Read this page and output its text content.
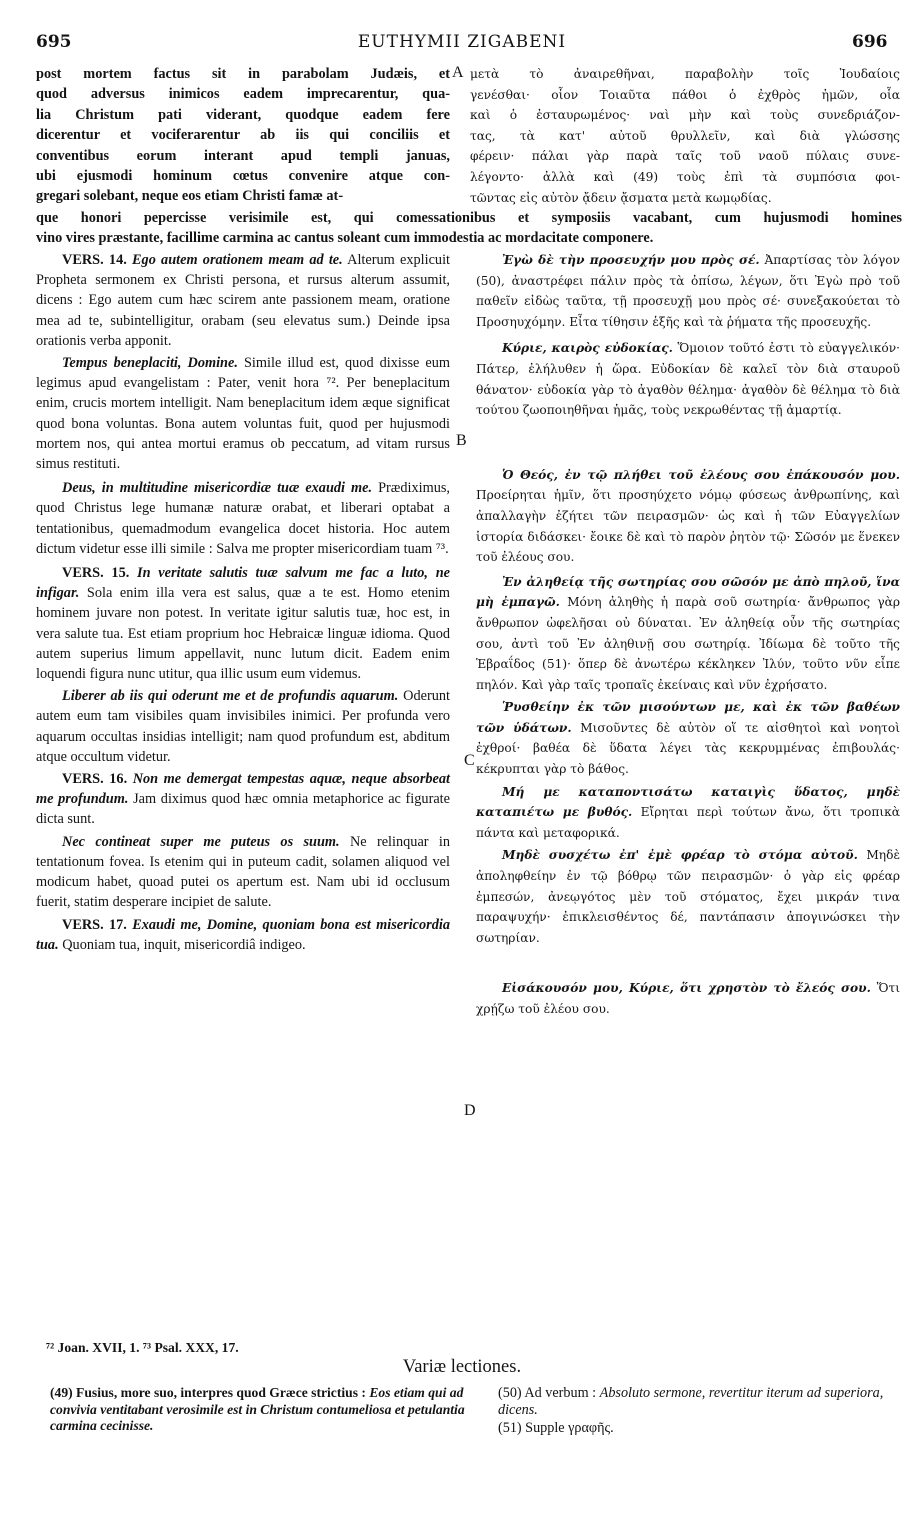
695	EUTHYMII ZIGABENI	696

post mortem factus sit in parabolam Judæis, et

quod adversus inimicos eadem imprecarentur, qua-

lia Christum pati viderant, quodque eadem fere

dicerentur et vociferarentur ab iis qui conciliis et

conventibus eorum interant apud templi januas,

ubi ejusmodi hominum cœtus convenire atque con-

gregari solebant, neque eos etiam Christi famæ at-

A μετὰ τὸ ἀναιρεθῆναι, παραβολὴν τοῖς Ἰουδαίοις

γενέσθαι· οἷον Τοιαῦτα πάθοι ὁ ἐχθρὸς ἡμῶν, οἷα

καὶ ὁ ἐσταυρωμένος· ναὶ μὴν καὶ τοὺς συνεδριάζον-

τας, τὰ κατ' αὐτοῦ θρυλλεῖν, καὶ διὰ γλώσσης

φέρειν· πάλαι γὰρ παρὰ ταῖς τοῦ ναοῦ πύλαις συνε-

λέγοντο· ἀλλὰ καὶ (49) τοὺς ἐπὶ τὰ συμπόσια φοι-

τῶντας εἰς αὐτὸν ᾄδειν ᾄσματα μετὰ κωμῳδίας.

que honori pepercisse verisimile est, qui comessationibus et symposiis vacabant, cum hujusmodi homines

vino vires præstante, facillime carmina ac cantus soleant cum immodestia ac mordacitate componere.

VERS. 14. Ego autem orationem meam ad te. Alterum explicuit Propheta sermonem ex Christi persona, et rursus alterum assumit, dicens : Ego autem cum hæc scirem ante passionem meam, oratione mea ad te, subintelligitur, orabam (seu elevatus sum.) Deinde ipsa orationis verba apponit.

Tempus beneplaciti, Domine. Simile illud est, quod dixisse eum legimus apud evangelistam : Pater, venit hora ⁷². Per beneplacitum enim, crucis mortem intelligit. Nam beneplacitum idem æque significat quod bona voluntas. Bona autem voluntas fuit, quod per hujusmodi mortem nos, qui antea mortui eramus ob peccatum, ad vitam rursus simus restituti.

Deus, in multitudine misericordiæ tuæ exaudi me. Prædiximus, quod Christus lege humanæ naturæ orabat, et liberari optabat a tentationibus, quemadmodum evangelica docet historia. Hoc autem dictum videtur esse illi simile : Salva me propter misericordiam tuam ⁷³.

VERS. 15. In veritate salutis tuæ salvum me fac a luto, ne infigar. Sola enim illa vera est salus, quæ a te est. Homo etenim hominem juvare non potest. In veritate igitur salutis tuæ, hoc est, in vera salute tua. Est etiam proprium hoc Hebraicæ linguæ idioma. Quod autem superius limum appellavit, nunc lutum dicit. Eadem enim loquendi figura nunc utitur, qua illic usum eum videmus.

Liberer ab iis qui oderunt me et de profundis aquarum. Oderunt autem eum tam visibiles quam invisibiles inimici. Per profunda vero aquarum occultas insidias intelligit; nam quod profundum est, abditum atque occultum videtur.

VERS. 16. Non me demergat tempestas aquæ, neque absorbeat me profundum. Jam diximus quod hæc omnia metaphorice ac figurate dicta sunt.

Nec contineat super me puteus os suum. Ne relinquar in tentationum fovea. Is etenim qui in puteum cadit, solamen aliquod vel modicum habet, quoad putei os apertum est. Nam ubi id occlusum fuerit, statim desperare incipiet de salute.

VERS. 17. Exaudi me, Domine, quoniam bona est misericordia tua. Quoniam tua, inquit, misericordiâ indigeo.

⁷² Joan. XVII, 1. ⁷³ Psal. XXX, 17.
B
C
D

Ἐγὼ δὲ τὴν προσευχήν μου πρὸς σέ. Ἀπαρτίσας τὸν λόγον (50), ἀναστρέφει πάλιν πρὸς τὰ ὀπίσω, λέγων, ὅτι Ἐγὼ πρὸ τοῦ παθεῖν εἰδὼς ταῦτα, τῇ προσευχῇ μου πρὸς σέ· συνεξακούεται τὸ Προσηυχόμην. Εἶτα τίθησιν ἑξῆς καὶ τὰ ῥήματα τῆς προσευχῆς.

Κύριε, καιρὸς εὐδοκίας. Ὅμοιον τοῦτό ἐστι τὸ εὐαγγελικόν· Πάτερ, ἐλήλυθεν ἡ ὥρα. Εὐδοκίαν δὲ καλεῖ τὸν διὰ σταυροῦ θάνατον· εὐδοκία γὰρ τὸ ἀγαθὸν θέλημα· ἀγαθὸν δὲ θέλημα τὸ διὰ τούτου ζωοποιηθῆναι ἡμᾶς, τοὺς νεκρωθέντας τῇ ἁμαρτίᾳ.

Ὁ Θεός, ἐν τῷ πλήθει τοῦ ἐλέους σου ἐπάκουσόν μου. Προείρηται ἡμῖν, ὅτι προσηύχετο νόμῳ φύσεως ἀνθρωπίνης, καὶ ἀπαλλαγὴν ἐζήτει τῶν πειρασμῶν· ὡς καὶ ἡ τῶν Εὐαγγελίων ἱστορία διδάσκει· ἔοικε δὲ καὶ τὸ παρὸν ῥητὸν τῷ· Σῶσόν με ἕνεκεν τοῦ ἐλέους σου.

Ἐν ἀληθείᾳ τῆς σωτηρίας σου σῶσόν με ἀπὸ πηλοῦ, ἵνα μὴ ἐμπαγῶ. Μόνη ἀληθὴς ἡ παρὰ σοῦ σωτηρία· ἄνθρωπος γὰρ ἄνθρωπον ὠφελῆσαι οὐ δύναται. Ἐν ἀληθείᾳ οὖν τῆς σωτηρίας σου, ἀντὶ τοῦ Ἐν ἀληθινῇ σου σωτηρίᾳ. Ἰδίωμα δὲ τοῦτο τῆς Ἑβραΐδος (51)· ὅπερ δὲ ἀνωτέρω κέκληκεν Ἰλύν, τοῦτο νῦν εἶπε πηλόν. Καὶ γὰρ ταῖς τροπαῖς ἐκείναις καὶ νῦν ἐχρήσατο.

Ῥυσθείην ἐκ τῶν μισούντων με, καὶ ἐκ τῶν βαθέων τῶν ὑδάτων. Μισοῦντες δὲ αὐτὸν οἵ τε αἰσθητοὶ καὶ νοητοὶ ἐχθροί· βαθέα δὲ ὕδατα λέγει τὰς κεκρυμμένας ἐπιβουλάς· κέκρυπται γὰρ τὸ βάθος.

Μή με καταποντισάτω καταιγὶς ὕδατος, μηδὲ καταπιέτω με βυθός. Εἴρηται περὶ τούτων ἄνω, ὅτι τροπικὰ πάντα καὶ μεταφορικά.

Μηδὲ συσχέτω ἐπ' ἐμὲ φρέαρ τὸ στόμα αὐτοῦ. Μηδὲ ἀποληφθείην ἐν τῷ βόθρῳ τῶν πειρασμῶν· ὁ γὰρ εἰς φρέαρ ἐμπεσών, ἀνεῳγότος μὲν τοῦ στόματος, ἔχει μικράν τινα παραψυχήν· ἐπικλεισθέντος δέ, παντάπασιν ἀπογινώσκει τὴν σωτηρίαν.

Εἰσάκουσόν μου, Κύριε, ὅτι χρηστὸν τὸ ἔλεός σου. Ὅτι χρῄζω τοῦ ἐλέου σου.

Variæ lectiones.

(49) Fusius, more suo, interpres quod Græce strictius : Eos etiam qui ad convivia ventitabant verosimile est in Christum contumeliosa et petulantia carmina cecinisse.

(50) Ad verbum : Absoluto sermone, revertitur iterum ad superiora, dicens.

(51) Supple γραφῆς.
